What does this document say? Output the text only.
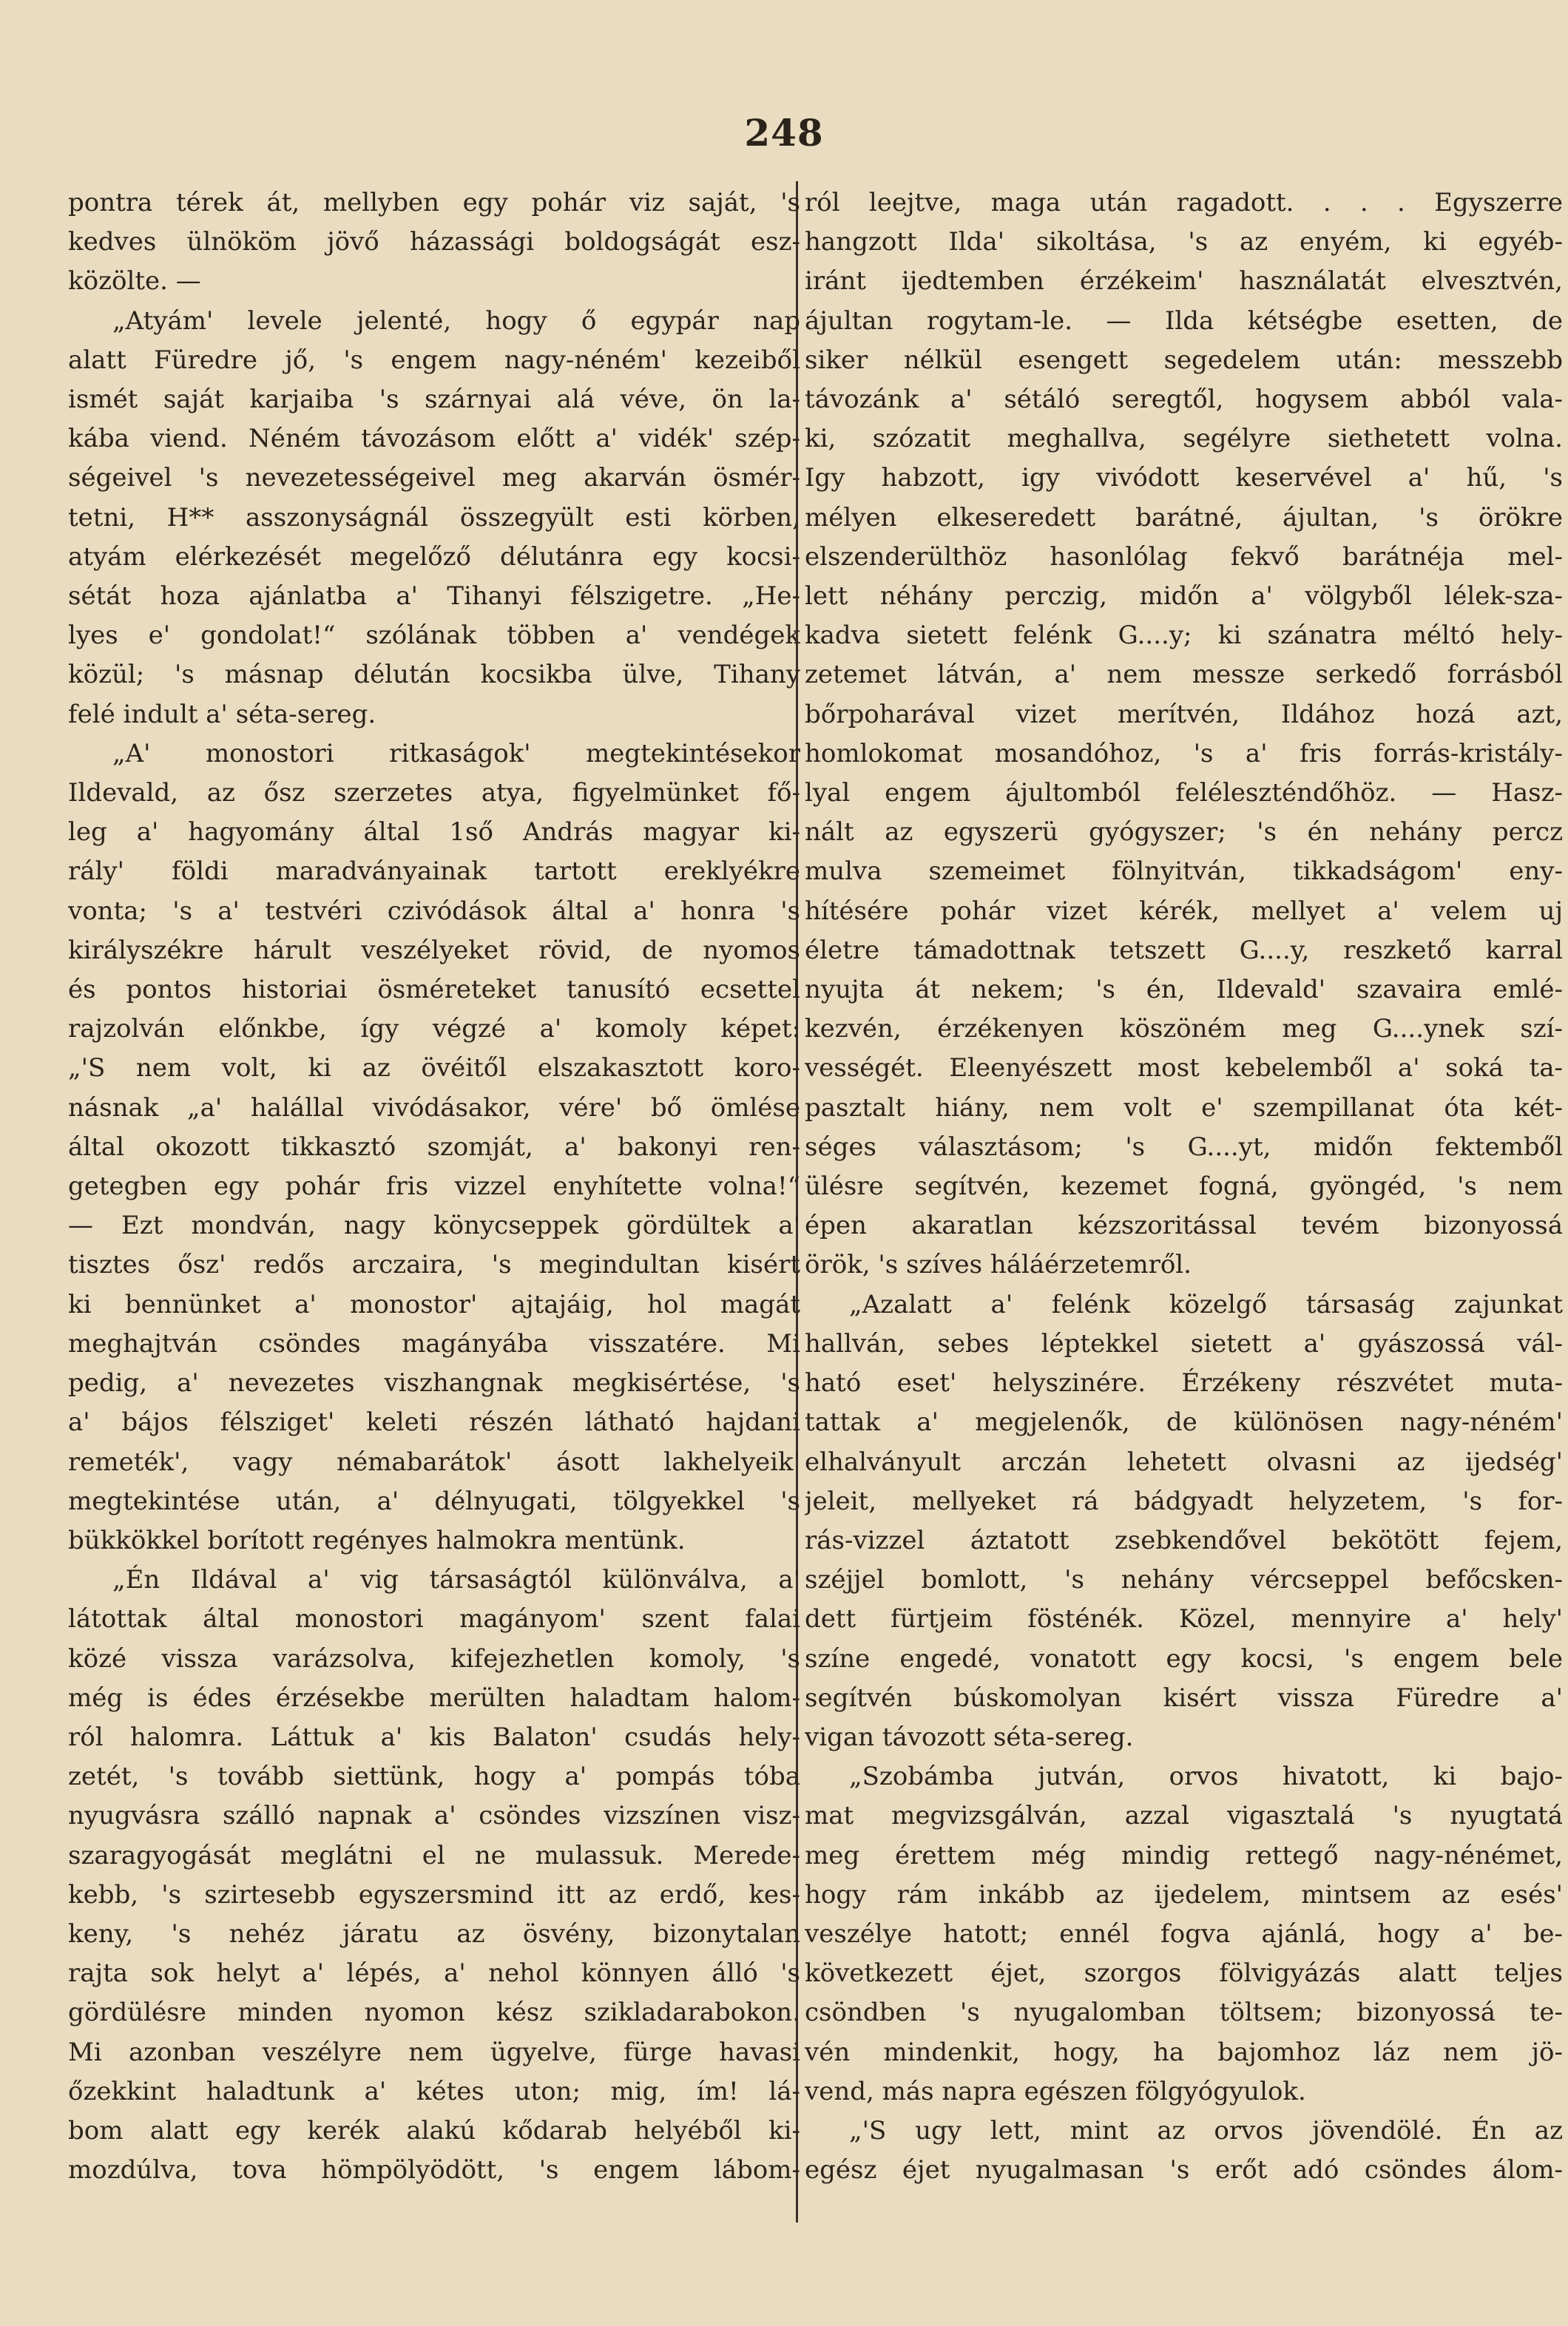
248
pontra térek át, mellyben egy pohár viz saját, 's
kedves ülnököm jövő házassági boldogságát esz-
közölte. —
„Atyám' levele jelenté, hogy ő egypár nap
alatt Füredre jő, 's engem nagy-néném' kezeiből
ismét saját karjaiba 's szárnyai alá véve, ön la-
kába viend. Néném távozásom előtt a' vidék' szép-
ségeivel 's nevezetességeivel meg akarván ösmér-
tetni, H** asszonyságnál összegyült esti körben,
atyám elérkezését megelőző délutánra egy kocsi-
sétát hoza ajánlatba a' Tihanyi félszigetre. „He-
lyes e' gondolat!“ szólának többen a' vendégek
közül; 's másnap délután kocsikba ülve, Tihany
felé indult a' séta-sereg.
„A' monostori ritkaságok' megtekintésekor
Ildevald, az ősz szerzetes atya, figyelmünket fő-
leg a' hagyomány által 1ső András magyar ki-
rály' földi maradványainak tartott ereklyékre
vonta; 's a' testvéri czivódások által a' honra 's
királyszékre hárult veszélyeket rövid, de nyomos
és pontos historiai ösméreteket tanusító ecsettel
rajzolván előnkbe, így végzé a' komoly képet:
„'S nem volt, ki az övéitől elszakasztott koro-
násnak „a' halállal vivódásakor, vére' bő ömlése
által okozott tikkasztó szomját, a' bakonyi ren-
getegben egy pohár fris vizzel enyhítette volna!“
— Ezt mondván, nagy könycseppek gördültek a'
tisztes ősz' redős arczaira, 's megindultan kisért
ki bennünket a' monostor' ajtajáig, hol magát
meghajtván csöndes magányába visszatére. Mi
pedig, a' nevezetes viszhangnak megkisértése, 's
a' bájos félsziget' keleti részén látható hajdani
remeték', vagy némabarátok' ásott lakhelyeik'
megtekintése után, a' délnyugati, tölgyekkel 's
bükkökkel borított regényes halmokra mentünk.
„Én Ildával a' vig társaságtól különválva, a'
látottak által monostori magányom' szent falai
közé vissza varázsolva, kifejezhetlen komoly, 's
még is édes érzésekbe merülten haladtam halom-
ról halomra. Láttuk a' kis Balaton' csudás hely-
zetét, 's tovább siettünk, hogy a' pompás tóba
nyugvásra szálló napnak a' csöndes vizszínen visz-
szaragyogását meglátni el ne mulassuk. Merede-
kebb, 's szirtesebb egyszersmind itt az erdő, kes-
keny, 's nehéz járatu az ösvény, bizonytalan
rajta sok helyt a' lépés, a' nehol könnyen álló 's
gördülésre minden nyomon kész szikladarabokon.
Mi azonban veszélyre nem ügyelve, fürge havasi
őzekkint haladtunk a' kétes uton; mig, ím! lá-
bom alatt egy kerék alakú kődarab helyéből ki-
mozdúlva, tova hömpölyödött, 's engem lábom-
ról leejtve, maga után ragadott. . . . Egyszerre
hangzott Ilda' sikoltása, 's az enyém, ki egyéb-
iránt ijedtemben érzékeim' használatát elvesztvén,
ájultan rogytam-le. — Ilda kétségbe esetten, de
siker nélkül esengett segedelem után: messzebb
távozánk a' sétáló seregtől, hogysem abból vala-
ki, szózatit meghallva, segélyre siethetett volna.
Igy habzott, igy vivódott keservével a' hű, 's
mélyen elkeseredett barátné, ájultan, 's örökre
elszenderülthöz hasonlólag fekvő barátnéja mel-
lett néhány perczig, midőn a' völgyből lélek-sza-
kadva sietett felénk G....y; ki szánatra méltó hely-
zetemet látván, a' nem messze serkedő forrásból
bőrpoharával vizet merítvén, Ildához hozá azt,
homlokomat mosandóhoz, 's a' fris forrás-kristály-
lyal engem ájultomból feléleszténdőhöz. — Hasz-
nált az egyszerü gyógyszer; 's én nehány percz
mulva szemeimet fölnyitván, tikkadságom' eny-
hítésére pohár vizet kérék, mellyet a' velem uj
életre támadottnak tetszett G....y, reszkető karral
nyujta át nekem; 's én, Ildevald' szavaira emlé-
kezvén, érzékenyen köszöném meg G....ynek szí-
vességét. Eleenyészett most kebelemből a' soká ta-
pasztalt hiány, nem volt e' szempillanat óta két-
séges választásom; 's G....yt, midőn fektemből
ülésre segítvén, kezemet fogná, gyöngéd, 's nem
épen akaratlan kézszoritással tevém bizonyossá
örök, 's szíves háláérzetemről.
„Azalatt a' felénk közelgő társaság zajunkat
hallván, sebes léptekkel sietett a' gyászossá vál-
ható eset' helyszinére. Érzékeny részvétet muta-
tattak a' megjelenők, de különösen nagy-néném'
elhalványult arczán lehetett olvasni az ijedség'
jeleit, mellyeket rá bádgyadt helyzetem, 's for-
rás-vizzel áztatott zsebkendővel bekötött fejem,
széjjel bomlott, 's nehány vércseppel befőcsken-
dett fürtjeim fösténék. Közel, mennyire a' hely'
színe engedé, vonatott egy kocsi, 's engem bele
segítvén búskomolyan kisért vissza Füredre a'
vigan távozott séta-sereg.
„Szobámba jutván, orvos hivatott, ki bajo-
mat megvizsgálván, azzal vigasztalá 's nyugtatá
meg érettem még mindig rettegő nagy-nénémet,
hogy rám inkább az ijedelem, mintsem az esés'
veszélye hatott; ennél fogva ajánlá, hogy a' be-
következett éjet, szorgos fölvigyázás alatt teljes
csöndben 's nyugalomban töltsem; bizonyossá te-
vén mindenkit, hogy, ha bajomhoz láz nem jö-
vend, más napra egészen fölgyógyulok.
„'S ugy lett, mint az orvos jövendölé. Én az
egész éjet nyugalmasan 's erőt adó csöndes álom-
